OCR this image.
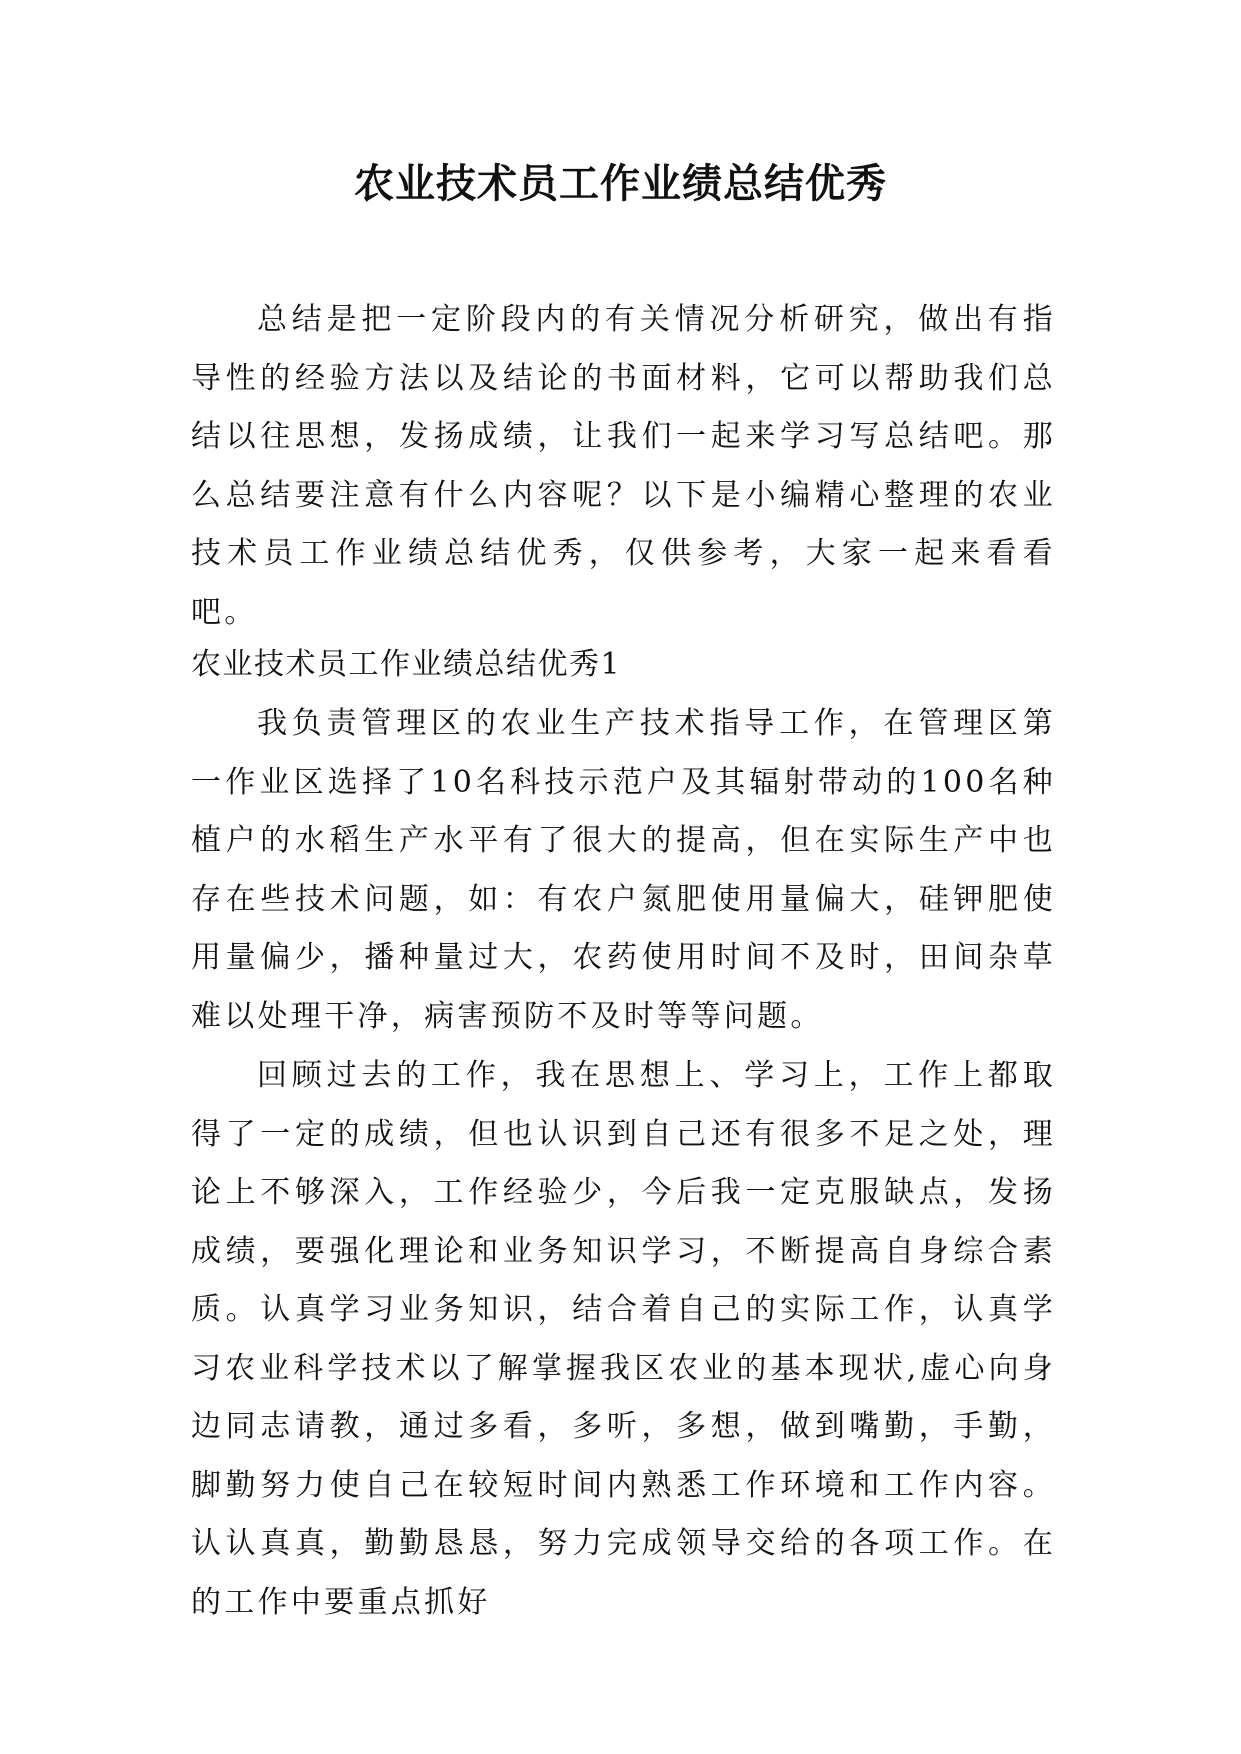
农业技术员工作业绩总结优秀

总结是把一定阶段内的有关情况分析研究，做出有指导性的经验方法以及结论的书面材料，它可以帮助我们总结以往思想，发扬成绩，让我们一起来学习写总结吧。那么总结要注意有什么内容呢？以下是小编精心整理的农业技术员工作业绩总结优秀，仅供参考，大家一起来看看吧。

农业技术员工作业绩总结优秀1

我负责管理区的农业生产技术指导工作，在管理区第一作业区选择了10名科技示范户及其辐射带动的100名种植户的水稻生产水平有了很大的提高，但在实际生产中也存在些技术问题，如：有农户氮肥使用量偏大，硅钾肥使用量偏少，播种量过大，农药使用时间不及时，田间杂草难以处理干净，病害预防不及时等等问题。

回顾过去的工作，我在思想上、学习上，工作上都取得了一定的成绩，但也认识到自己还有很多不足之处，理论上不够深入，工作经验少，今后我一定克服缺点，发扬成绩，要强化理论和业务知识学习，不断提高自身综合素质。认真学习业务知识，结合着自己的实际工作，认真学习农业科学技术以了解掌握我区农业的基本现状,虚心向身边同志请教，通过多看，多听，多想，做到嘴勤，手勤，脚勤努力使自己在较短时间内熟悉工作环境和工作内容。认认真真，勤勤恳恳，努力完成领导交给的各项工作。在的工作中要重点抓好
